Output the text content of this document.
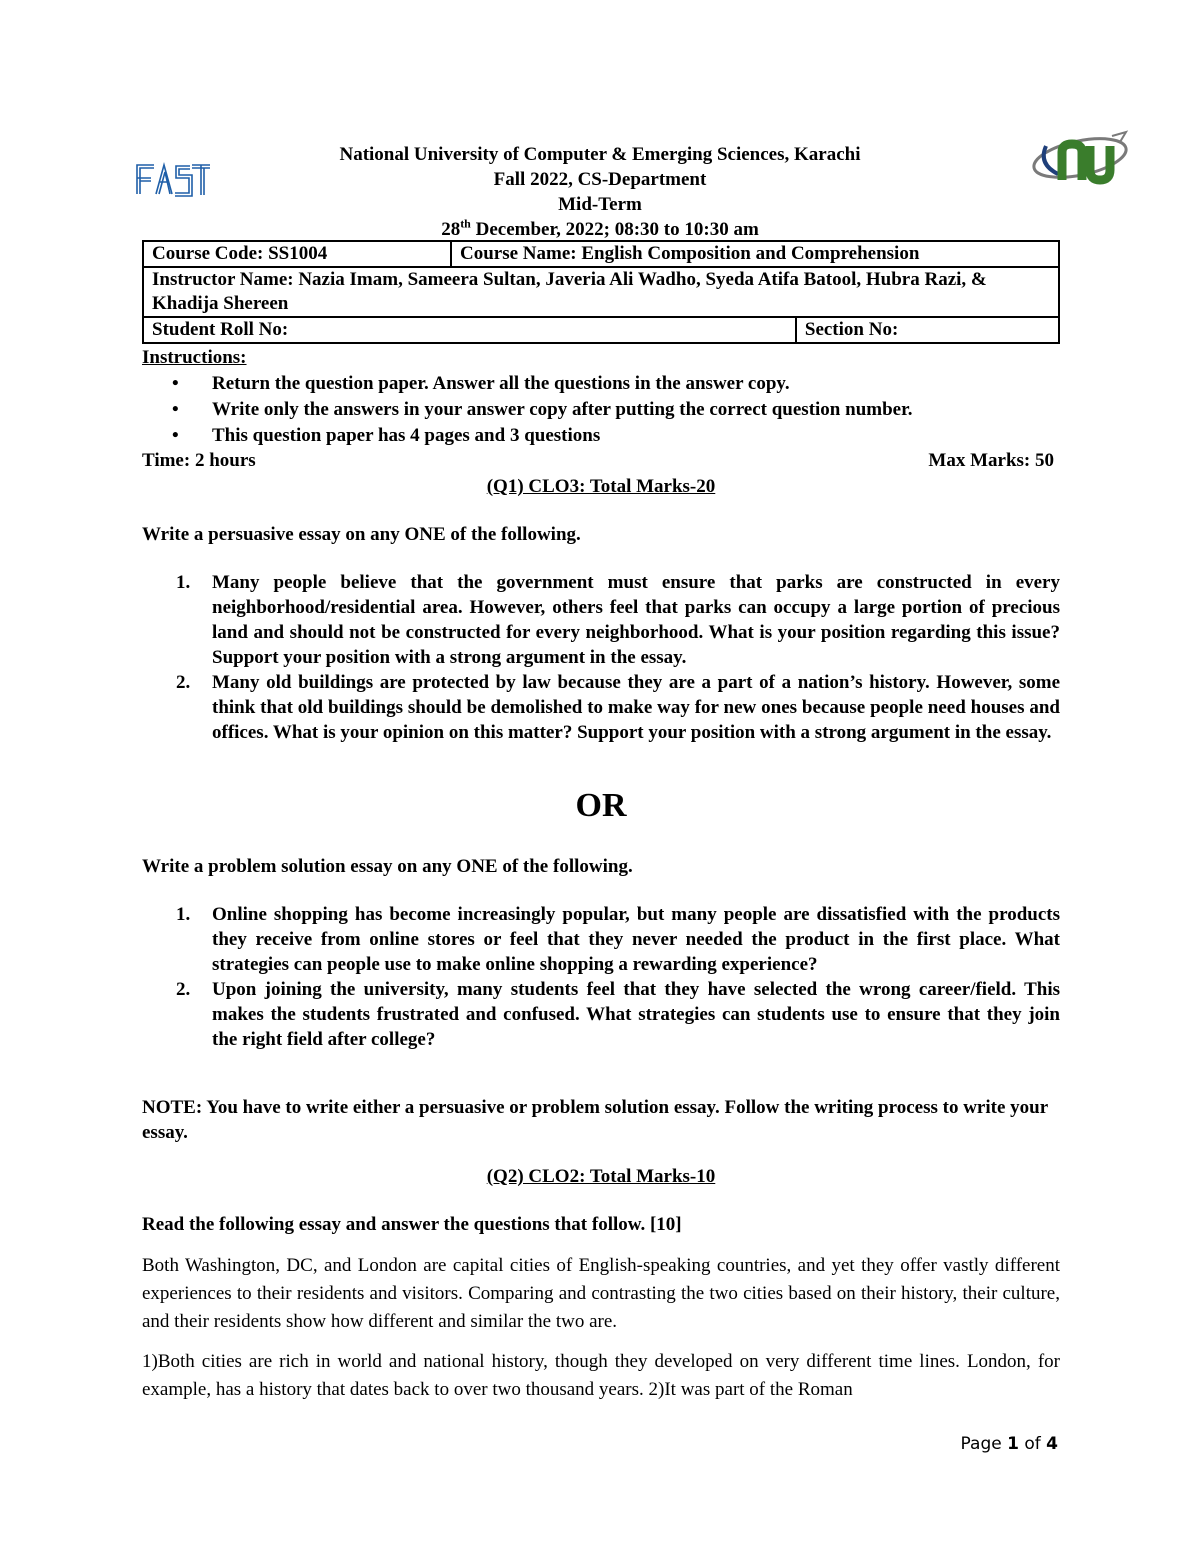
National University of Computer & Emerging Sciences, Karachi
Fall 2022, CS-Department
Mid-Term
28th December, 2022; 08:30 to 10:30 am
Course Code: SS1004	Course Name: English Composition and Comprehension	
Instructor Name: Nazia Imam, Sameera Sultan, Javeria Ali Wadho, Syeda Atifa Batool, Hubra Razi, & Khadija Shereen		
Student Roll No:		Section No:
Instructions:
• Return the question paper. Answer all the questions in the answer copy.
• Write only the answers in your answer copy after putting the correct question number.
• This question paper has 4 pages and 3 questions
Time: 2 hours	Max Marks: 50
(Q1) CLO3: Total Marks-20
Write a persuasive essay on any ONE of the following.
1. Many people believe that the government must ensure that parks are constructed in every neighborhood/residential area. However, others feel that parks can occupy a large portion of precious land and should not be constructed for every neighborhood. What is your position regarding this issue? Support your position with a strong argument in the essay.
2. Many old buildings are protected by law because they are a part of a nation’s history. However, some think that old buildings should be demolished to make way for new ones because people need houses and offices. What is your opinion on this matter? Support your position with a strong argument in the essay.
OR
Write a problem solution essay on any ONE of the following.
1. Online shopping has become increasingly popular, but many people are dissatisfied with the products they receive from online stores or feel that they never needed the product in the first place. What strategies can people use to make online shopping a rewarding experience?
2. Upon joining the university, many students feel that they have selected the wrong career/field. This makes the students frustrated and confused. What strategies can students use to ensure that they join the right field after college?
NOTE: You have to write either a persuasive or problem solution essay. Follow the writing process to write your essay.
(Q2) CLO2: Total Marks-10
Read the following essay and answer the questions that follow. [10]
Both Washington, DC, and London are capital cities of English-speaking countries, and yet they offer vastly different experiences to their residents and visitors. Comparing and contrasting the two cities based on their history, their culture, and their residents show how different and similar the two are.
1)Both cities are rich in world and national history, though they developed on very different time lines. London, for example, has a history that dates back to over two thousand years. 2)It was part of the Roman
Page 1 of 4
